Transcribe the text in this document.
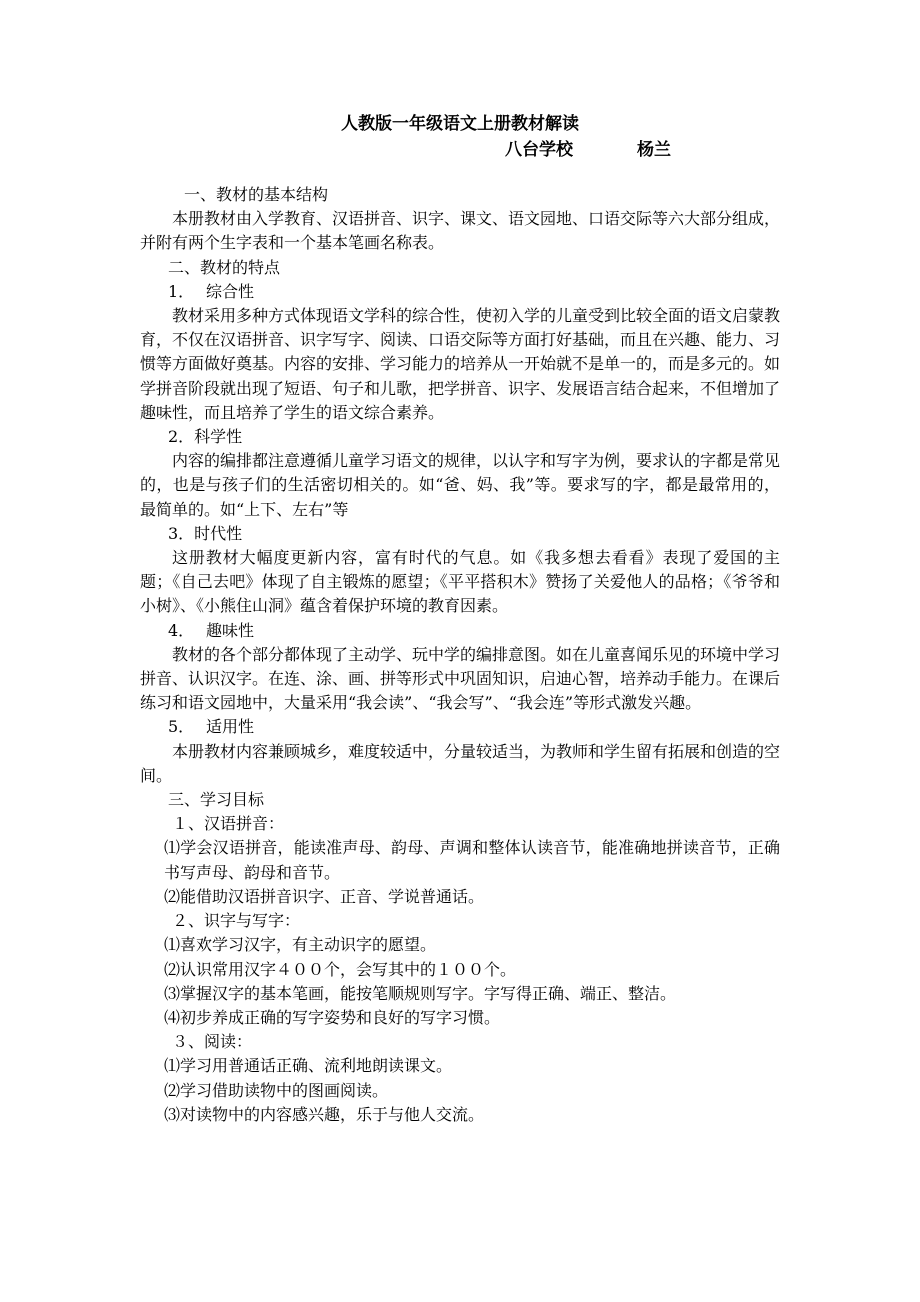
人教版一年级语文上册教材解读
八台学校	杨兰

一、教材的基本结构

本册教材由入学教育、汉语拼音、识字、课文、语文园地、口语交际等六大部分组成，并附有两个生字表和一个基本笔画名称表。

二、教材的特点

1． 综合性

教材采用多种方式体现语文学科的综合性，使初入学的儿童受到比较全面的语文启蒙教育，不仅在汉语拼音、识字写字、阅读、口语交际等方面打好基础，而且在兴趣、能力、习惯等方面做好奠基。内容的安排、学习能力的培养从一开始就不是单一的，而是多元的。如学拼音阶段就出现了短语、句子和儿歌，把学拼音、识字、发展语言结合起来，不但增加了趣味性，而且培养了学生的语文综合素养。

2．科学性

内容的编排都注意遵循儿童学习语文的规律，以认字和写字为例，要求认的字都是常见的，也是与孩子们的生活密切相关的。如“爸、妈、我”等。要求写的字，都是最常用的，最简单的。如“上下、左右”等

3．时代性

这册教材大幅度更新内容，富有时代的气息。如《我多想去看看》表现了爱国的主题；《自己去吧》体现了自主锻炼的愿望；《平平搭积木》赞扬了关爱他人的品格；《爷爷和小树》、《小熊住山洞》蕴含着保护环境的教育因素。

4． 趣味性

教材的各个部分都体现了主动学、玩中学的编排意图。如在儿童喜闻乐见的环境中学习拼音、认识汉字。在连、涂、画、拼等形式中巩固知识，启迪心智，培养动手能力。在课后练习和语文园地中，大量采用“我会读”、“我会写”、“我会连”等形式激发兴趣。

5． 适用性

本册教材内容兼顾城乡，难度较适中，分量较适当，为教师和学生留有拓展和创造的空间。

三、学习目标

１、汉语拼音：

⑴学会汉语拼音，能读准声母、韵母、声调和整体认读音节，能准确地拼读音节，正确书写声母、韵母和音节。

⑵能借助汉语拼音识字、正音、学说普通话。

２、识字与写字：

⑴喜欢学习汉字，有主动识字的愿望。

⑵认识常用汉字４００个，会写其中的１００个。

⑶掌握汉字的基本笔画，能按笔顺规则写字。字写得正确、端正、整洁。

⑷初步养成正确的写字姿势和良好的写字习惯。

３、阅读：

⑴学习用普通话正确、流利地朗读课文。

⑵学习借助读物中的图画阅读。

⑶对读物中的内容感兴趣，乐于与他人交流。
